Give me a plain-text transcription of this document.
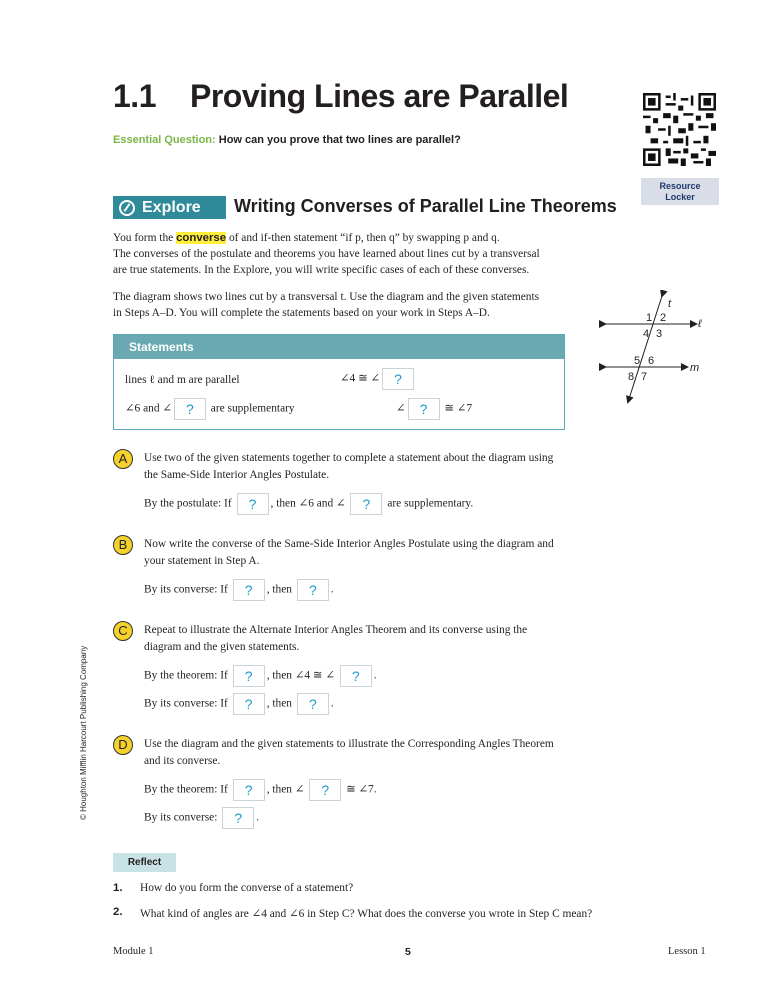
1.1 Proving Lines are Parallel
Essential Question: How can you prove that two lines are parallel?
Resource
Locker
Explore Writing Converses of Parallel Line Theorems
You form the converse of and if-then statement “if p, then q” by swapping p and q.
The converses of the postulate and theorems you have learned about lines cut by a transversal
are true statements. In the Explore, you will write specific cases of each of these converses.
The diagram shows two lines cut by a transversal t. Use the diagram and the given statements
in Steps A–D. You will complete the statements based on your work in Steps A–D.
Statements
lines ℓ and m are parallel	∠4 ≅ ∠ ?
∠6 and ∠ ? are supplementary	∠ ? ≅ ∠7
t
ℓ
m
1 2
4 3
5 6
8 7
A	Use two of the given statements together to complete a statement about the diagram using
the Same-Side Interior Angles Postulate.
By the postulate: If ? , then ∠6 and ∠ ? are supplementary.
B	Now write the converse of the Same-Side Interior Angles Postulate using the diagram and
your statement in Step A.
By its converse: If ? , then ? .
C	Repeat to illustrate the Alternate Interior Angles Theorem and its converse using the
diagram and the given statements.
By the theorem: If ? , then ∠4 ≅ ∠ ? .
By its converse: If ? , then ? .
D	Use the diagram and the given statements to illustrate the Corresponding Angles Theorem
and its converse.
By the theorem: If ? , then ∠ ? ≅ ∠7.
By its converse: ? .
© Houghton Mifflin Harcourt Publishing Company
Reflect
1. How do you form the converse of a statement?
2. What kind of angles are ∠4 and ∠6 in Step C? What does the converse you wrote in Step C mean?
Module 1	5	Lesson 1
